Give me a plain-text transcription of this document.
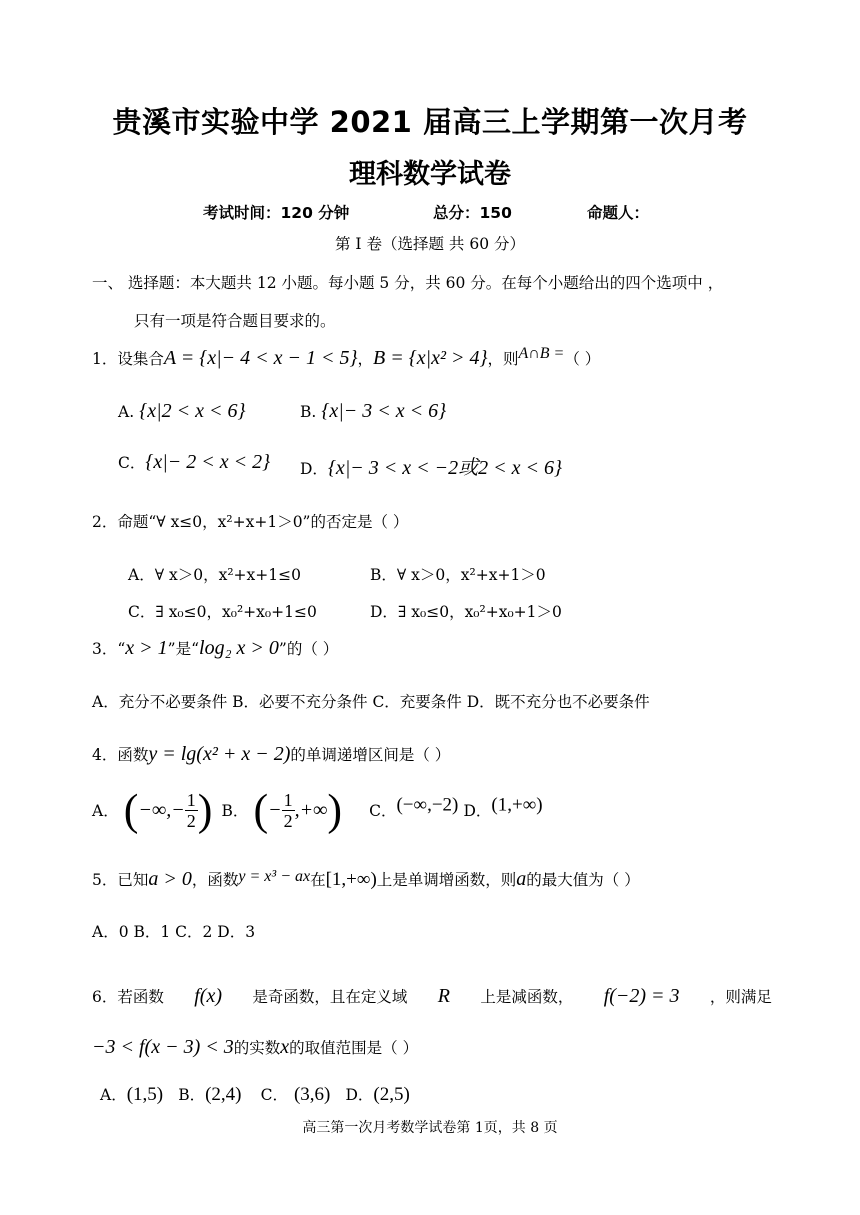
贵溪市实验中学 2021 届高三上学期第一次月考
理科数学试卷
考试时间：120 分钟	总分：150	命题人：
第 I 卷（选择题 共 60 分）
一、 选择题：本大题共 12 小题。每小题 5 分，共 60 分。在每个小题给出的四个选项中 ，
只有一项是符合题目要求的。
1．设集合A = {x|− 4 < x − 1 < 5}，B = {x|x² > 4}，则A∩B =（ ）
A. {x|2 < x < 6}	B. {x|− 3 < x < 6}
C．{x|− 2 < x < 2} D．{x|− 3 < x < −2或2 < x < 6}
2．命题“∀ x≤0，x²+x+1＞0”的否定是（ ）
A．∀ x＞0，x²+x+1≤0	B．∀ x＞0，x²+x+1＞0
C．∃ x₀≤0，x₀²+x₀+1≤0	D．∃ x₀≤0，x₀²+x₀+1＞0
3．“x > 1”是“log₂ x > 0”的（ ）
A．充分不必要条件 B．必要不充分条件 C．充要条件 D．既不充分也不必要条件
4．函数y = lg(x² + x − 2)的单调递增区间是（ ）
A． (−∞,− $\frac{1}{2}$ ) B． (− $\frac{1}{2}$ ,+∞) C．(−∞,−2) D．(1,+∞)
5．已知a > 0，函数y = x³ − ax在[1,+∞)上是单调增函数，则a的最大值为（ ）
A．0 B．1 C．2 D．3
6．若函数 f(x) 是奇函数，且在定义域 R 上是减函数， f(−2) = 3 ，则满足
−3 < f(x − 3) < 3的实数x的取值范围是（ ）
A．(1,5) B．(2,4) C． (3,6) D．(2,5)
高三第一次月考数学试卷第 1页，共 8 页
